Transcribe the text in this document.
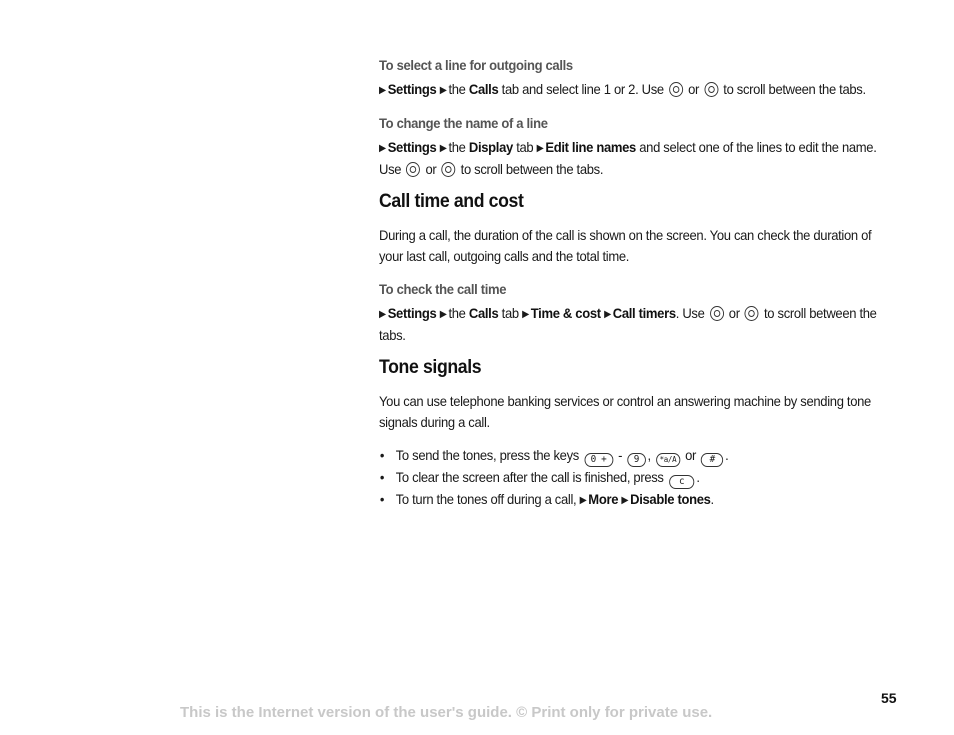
To select a line for outgoing calls

▶ Settings ▶ the Calls tab and select line 1 or 2. Use or to scroll between the tabs.

To change the name of a line

▶ Settings ▶ the Display tab ▶ Edit line names and select one of the lines to edit the name. Use or to scroll between the tabs.

Call time and cost

During a call, the duration of the call is shown on the screen. You can check the duration of your last call, outgoing calls and the total time.

To check the call time

▶ Settings ▶ the Calls tab ▶ Time & cost ▶ Call timers. Use or to scroll between the tabs.

Tone signals

You can use telephone banking services or control an answering machine by sending tone signals during a call.

• To send the tones, press the keys 0 + - 9 , *a/A or # .
• To clear the screen after the call is finished, press c .
• To turn the tones off during a call, ▶ More ▶ Disable tones.
55
This is the Internet version of the user's guide. © Print only for private use.
